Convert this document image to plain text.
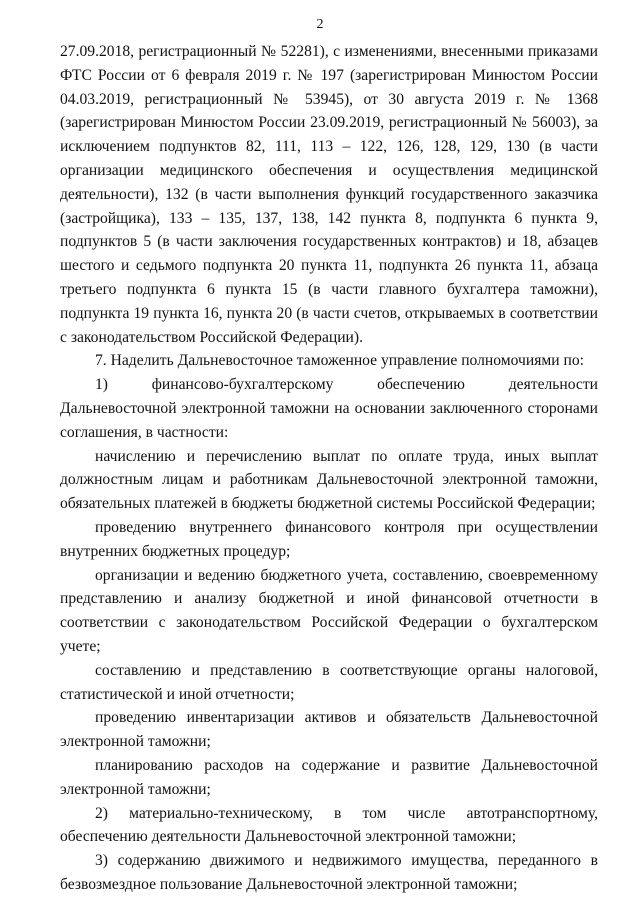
2

27.09.2018, регистрационный № 52281), с изменениями, внесенными приказами ФТС России от 6 февраля 2019 г. № 197 (зарегистрирован Минюстом России 04.03.2019, регистрационный № 53945), от 30 августа 2019 г. № 1368 (зарегистрирован Минюстом России 23.09.2019, регистрационный № 56003), за исключением подпунктов 82, 111, 113 – 122, 126, 128, 129, 130 (в части организации медицинского обеспечения и осуществления медицинской деятельности), 132 (в части выполнения функций государственного заказчика (застройщика), 133 – 135, 137, 138, 142 пункта 8, подпункта 6 пункта 9, подпунктов 5 (в части заключения государственных контрактов) и 18, абзацев шестого и седьмого подпункта 20 пункта 11, подпункта 26 пункта 11, абзаца третьего подпункта 6 пункта 15 (в части главного бухгалтера таможни), подпункта 19 пункта 16, пункта 20 (в части счетов, открываемых в соответствии с законодательством Российской Федерации).

7. Наделить Дальневосточное таможенное управление полномочиями по:

1) финансово-бухгалтерскому обеспечению деятельности Дальневосточной электронной таможни на основании заключенного сторонами соглашения, в частности:

начислению и перечислению выплат по оплате труда, иных выплат должностным лицам и работникам Дальневосточной электронной таможни, обязательных платежей в бюджеты бюджетной системы Российской Федерации;

проведению внутреннего финансового контроля при осуществлении внутренних бюджетных процедур;

организации и ведению бюджетного учета, составлению, своевременному представлению и анализу бюджетной и иной финансовой отчетности в соответствии с законодательством Российской Федерации о бухгалтерском учете;

составлению и представлению в соответствующие органы налоговой, статистической и иной отчетности;

проведению инвентаризации активов и обязательств Дальневосточной электронной таможни;

планированию расходов на содержание и развитие Дальневосточной электронной таможни;

2) материально-техническому, в том числе автотранспортному, обеспечению деятельности Дальневосточной электронной таможни;

3) содержанию движимого и недвижимого имущества, переданного в безвозмездное пользование Дальневосточной электронной таможни;
